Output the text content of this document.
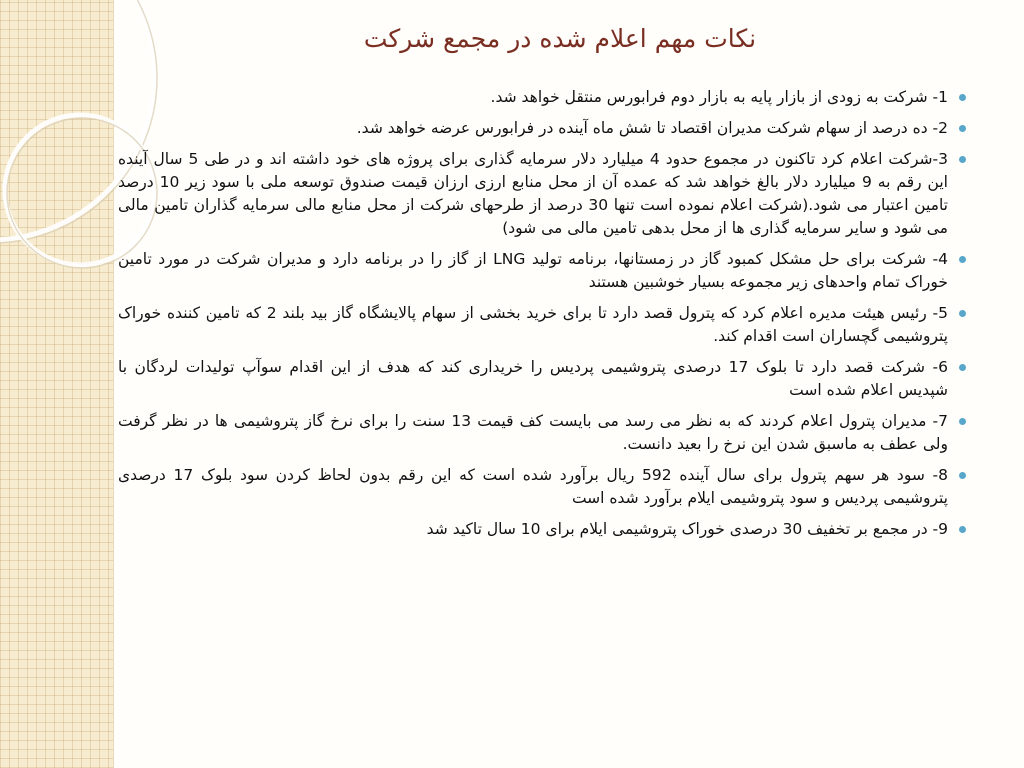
نکات مهم اعلام شده در مجمع شرکت
1- شرکت به زودی از بازار پایه به بازار دوم فرابورس منتقل خواهد شد.
2- ده درصد از سهام شرکت مدیران اقتصاد تا شش ماه آینده در فرابورس عرضه خواهد شد.
3-شرکت اعلام کرد تاکنون در مجموع حدود 4 میلیارد دلار سرمایه گذاری برای پروژه های خود داشته اند و در طی 5 سال آینده این رقم به 9 میلیارد دلار بالغ خواهد شد که عمده آن از محل منابع ارزی ارزان قیمت صندوق توسعه ملی با سود زیر 10 درصد تامین اعتبار می شود.(شرکت اعلام نموده است تنها 30 درصد از طرحهای شرکت از محل منابع مالی سرمایه گذاران تامین مالی می شود و سایر سرمایه گذاری ها از محل بدهی تامین مالی می شود)
4- شرکت برای حل مشکل کمبود گاز در زمستانها، برنامه تولید LNG از گاز را در برنامه دارد و مدیران شرکت در مورد تامین خوراک تمام واحدهای زیر مجموعه بسیار خوشبین هستند
5- رئیس هیئت مدیره اعلام کرد که پترول قصد دارد تا برای خرید بخشی از سهام پالایشگاه گاز بید بلند 2 که تامین کننده خوراک پتروشیمی گچساران است اقدام کند.
6- شرکت قصد دارد تا بلوک 17 درصدی پتروشیمی پردیس را خریداری کند که هدف از این اقدام سوآپ تولیدات لردگان با شپدیس اعلام شده است
7- مدیران پترول اعلام کردند که به نظر می رسد می بایست کف قیمت 13 سنت را برای نرخ گاز پتروشیمی ها در نظر گرفت ولی عطف به ماسبق شدن این نرخ را بعید دانست.
8- سود هر سهم پترول برای سال آینده 592 ریال برآورد شده است که این رقم بدون لحاظ کردن سود بلوک 17 درصدی پتروشیمی پردیس و سود پتروشیمی ایلام برآورد شده است
9- در مجمع بر تخفیف 30 درصدی خوراک پتروشیمی ایلام برای 10 سال تاکید شد
